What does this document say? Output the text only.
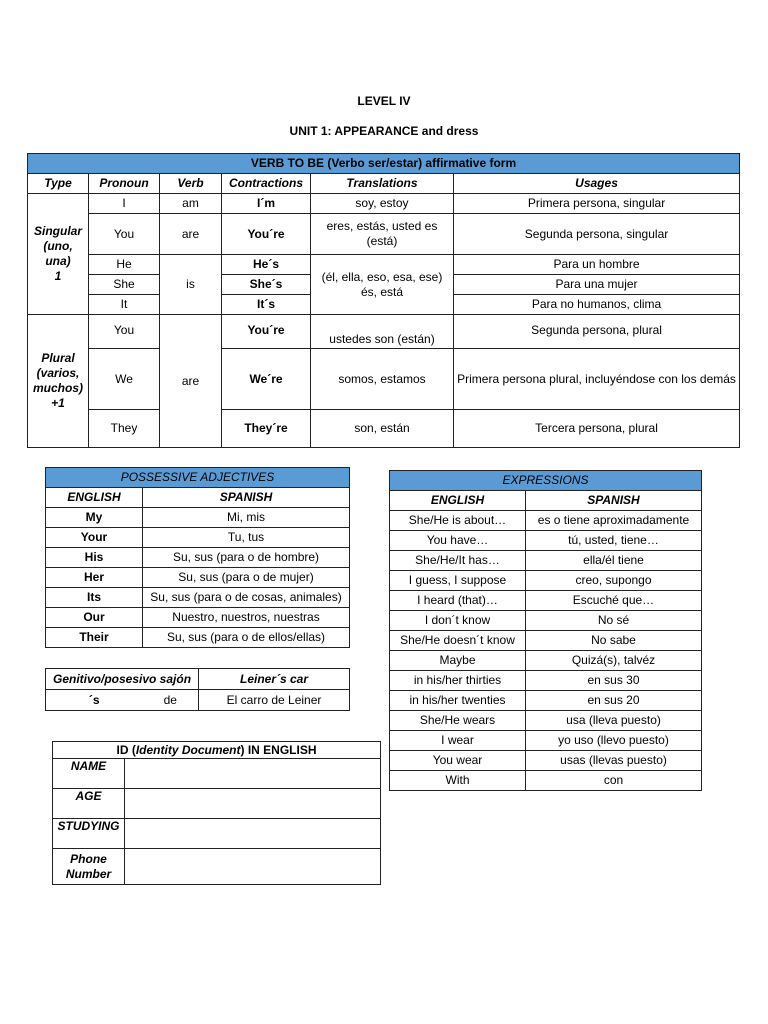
LEVEL IV
UNIT 1: APPEARANCE and dress
VERB TO BE (Verbo ser/estar) affirmative form					
Type	Pronoun	Verb	Contractions	Translations	Usages
Singular
(uno,
una)
1	I	am	I´m	soy, estoy	Primera persona, singular
	You	are	You´re	eres, estás, usted es (está)	Segunda persona, singular
	He	is	He´s	(él, ella, eso, esa, ese) és, está	Para un hombre
	She		She´s		Para una mujer
	It		It´s		Para no humanos, clima
Plural
(varios,
muchos)
+1	You	are	You´re	ustedes son (están)	Segunda persona, plural
	We		We´re	somos, estamos	Primera persona plural, incluyéndose con los demás
	They		They´re	son, están	Tercera persona, plural
POSSESSIVE ADJECTIVES	
ENGLISH	SPANISH
My	Mi, mis
Your	Tu, tus
His	Su, sus (para o de hombre)
Her	Su, sus (para o de mujer)
Its	Su, sus (para o de cosas, animales)
Our	Nuestro, nuestros, nuestras
Their	Su, sus (para o de ellos/ellas)
Genitivo/posesivo sajón		Leiner´s car
´s	de	El carro de Leiner
ID (Identity Document) IN ENGLISH	
NAME	
AGE	
STUDYING	
Phone Number	
EXPRESSIONS	
ENGLISH	SPANISH
She/He is about…	es o tiene aproximadamente
You have…	tú, usted, tiene…
She/He/It has…	ella/él tiene
I guess, I suppose	creo, supongo
I heard (that)…	Escuché que…
I don´t know	No sé
She/He doesn´t know	No sabe
Maybe	Quizá(s), talvéz
in his/her thirties	en sus 30
in his/her twenties	en sus 20
She/He wears	usa (lleva puesto)
I wear	yo uso (llevo puesto)
You wear	usas (llevas puesto)
With	con
